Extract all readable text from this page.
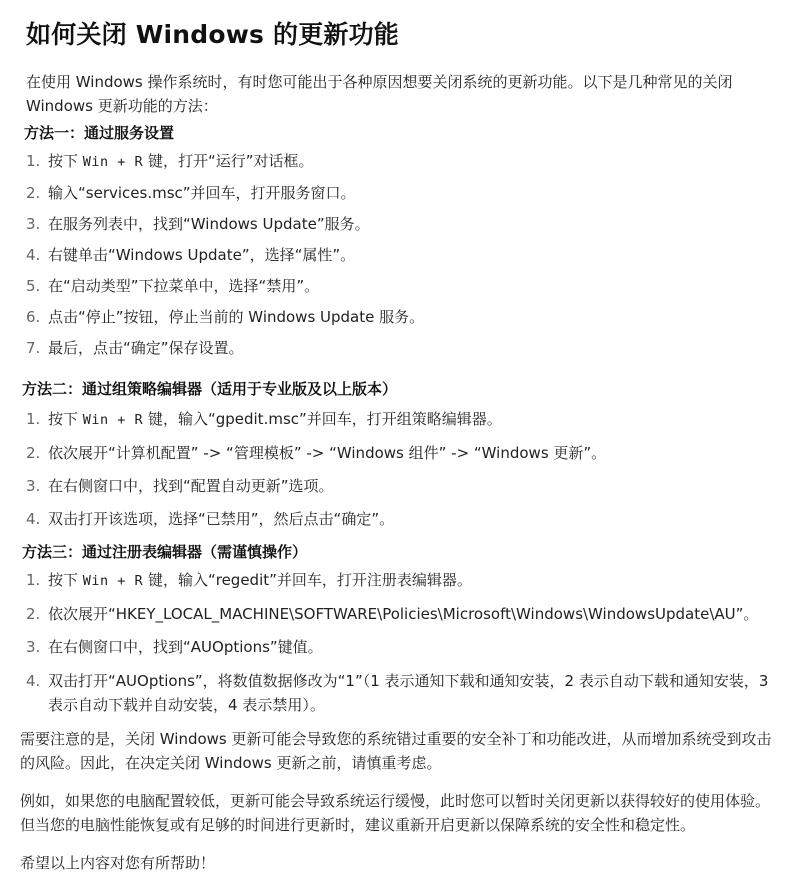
如何关闭 Windows 的更新功能

在使用 Windows 操作系统时，有时您可能出于各种原因想要关闭系统的更新功能。以下是几种常见的关闭 Windows 更新功能的方法：

方法一：通过服务设置
1. 按下 Win + R 键，打开“运行”对话框。
2. 输入“services.msc”并回车，打开服务窗口。
3. 在服务列表中，找到“Windows Update”服务。
4. 右键单击“Windows Update”，选择“属性”。
5. 在“启动类型”下拉菜单中，选择“禁用”。
6. 点击“停止”按钮，停止当前的 Windows Update 服务。
7. 最后，点击“确定”保存设置。
方法二：通过组策略编辑器（适用于专业版及以上版本）
1. 按下 Win + R 键，输入“gpedit.msc”并回车，打开组策略编辑器。
2. 依次展开“计算机配置” -> “管理模板” -> “Windows 组件” -> “Windows 更新”。
3. 在右侧窗口中，找到“配置自动更新”选项。
4. 双击打开该选项，选择“已禁用”，然后点击“确定”。
方法三：通过注册表编辑器（需谨慎操作）
1. 按下 Win + R 键，输入“regedit”并回车，打开注册表编辑器。
2. 依次展开“HKEY_LOCAL_MACHINE\SOFTWARE\Policies\Microsoft\Windows\WindowsUpdate\AU”。
3. 在右侧窗口中，找到“AUOptions”键值。
4. 双击打开“AUOptions”，将数值数据修改为“1”（1 表示通知下载和通知安装，2 表示自动下载和通知安装，3 表示自动下载并自动安装，4 表示禁用）。

需要注意的是，关闭 Windows 更新可能会导致您的系统错过重要的安全补丁和功能改进，从而增加系统受到攻击的风险。因此，在决定关闭 Windows 更新之前，请慎重考虑。

例如，如果您的电脑配置较低，更新可能会导致系统运行缓慢，此时您可以暂时关闭更新以获得较好的使用体验。但当您的电脑性能恢复或有足够的时间进行更新时，建议重新开启更新以保障系统的安全性和稳定性。

希望以上内容对您有所帮助！
